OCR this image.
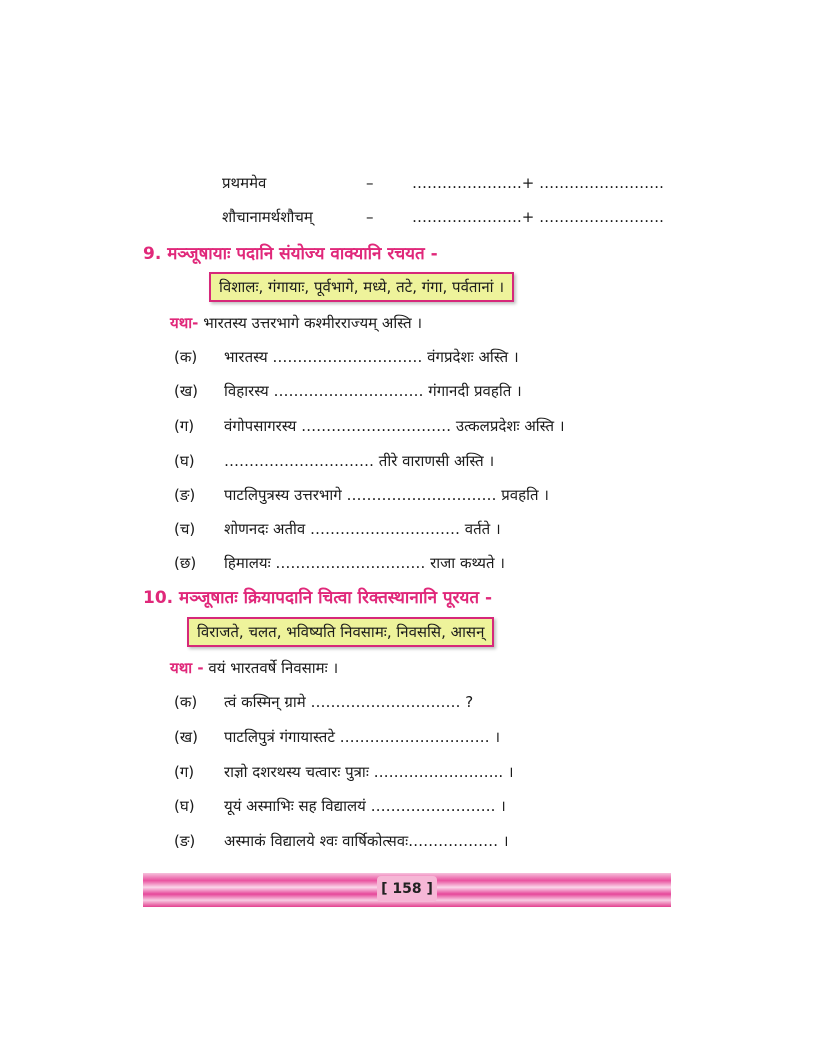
प्रथममेव	–	………………….+ …………………….
शौचानामर्थशौचम्	–	………………….+ …………………….
9. मञ्जूषायाः पदानि संयोज्य वाक्यानि रचयत -
विशालः, गंगायाः, पूर्वभागे, मध्ये, तटे, गंगा, पर्वतानां ।
यथा- भारतस्य उत्तरभागे कश्मीरराज्यम् अस्ति ।
(क) भारतस्य ………………………… वंगप्रदेशः अस्ति ।
(ख) विहारस्य ………………………… गंगानदी प्रवहति ।
(ग) वंगोपसागरस्य ………………………… उत्कलप्रदेशः अस्ति ।
(घ) ………………………… तीरे वाराणसी अस्ति ।
(ङ) पाटलिपुत्रस्य उत्तरभागे ………………………… प्रवहति ।
(च) शोणनदः अतीव ………………………… वर्तते ।
(छ) हिमालयः ………………………… राजा कथ्यते ।
10. मञ्जूषातः क्रियापदानि चित्वा रिक्तस्थानानि पूरयत -
विराजते, चलत, भविष्यति निवसामः, निवससि, आसन्
यथा - वयं भारतवर्षे निवसामः ।
(क) त्वं कस्मिन् ग्रामे ………………………… ?
(ख) पाटलिपुत्रं गंगायास्तटे ………………………… ।
(ग) राज्ञो दशरथस्य चत्वारः पुत्राः …………………….. ।
(घ) यूयं अस्माभिः सह विद्यालयं ……………………. ।
(ङ) अस्माकं विद्यालये श्वः वार्षिकोत्सवः……………… ।
[ 158 ]
